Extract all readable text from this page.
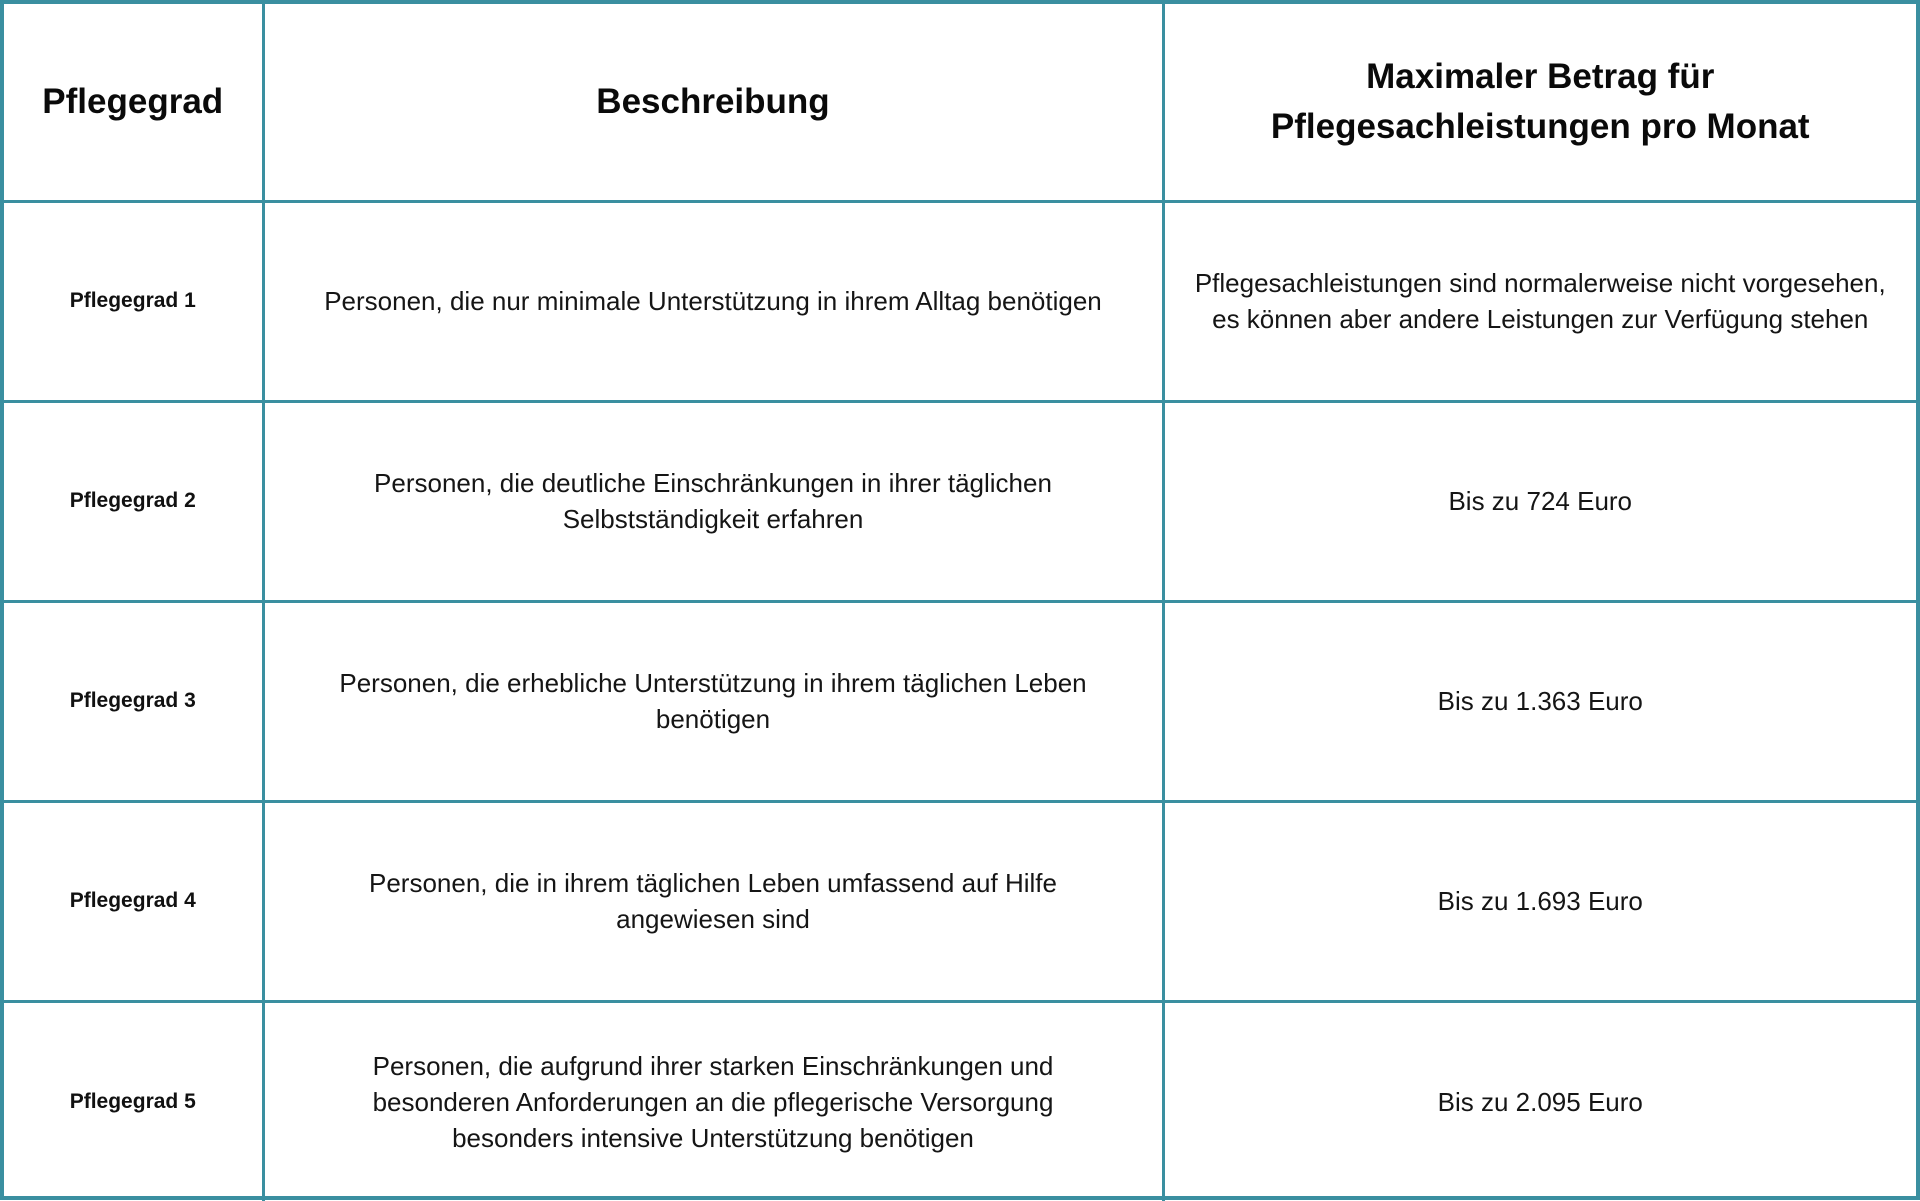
Pflegegrad	Beschreibung	Maximaler Betrag für Pflegesachleistungen pro Monat
Pflegegrad 1	Personen, die nur minimale Unterstützung in ihrem Alltag benötigen	Pflegesachleistungen sind normalerweise nicht vorgesehen, es können aber andere Leistungen zur Verfügung stehen
Pflegegrad 2	Personen, die deutliche Einschränkungen in ihrer täglichen Selbstständigkeit erfahren	Bis zu 724 Euro
Pflegegrad 3	Personen, die erhebliche Unterstützung in ihrem täglichen Leben benötigen	Bis zu 1.363 Euro
Pflegegrad 4	Personen, die in ihrem täglichen Leben umfassend auf Hilfe angewiesen sind	Bis zu 1.693 Euro
Pflegegrad 5	Personen, die aufgrund ihrer starken Einschränkungen und besonderen Anforderungen an die pflegerische Versorgung besonders intensive Unterstützung benötigen	Bis zu 2.095 Euro
